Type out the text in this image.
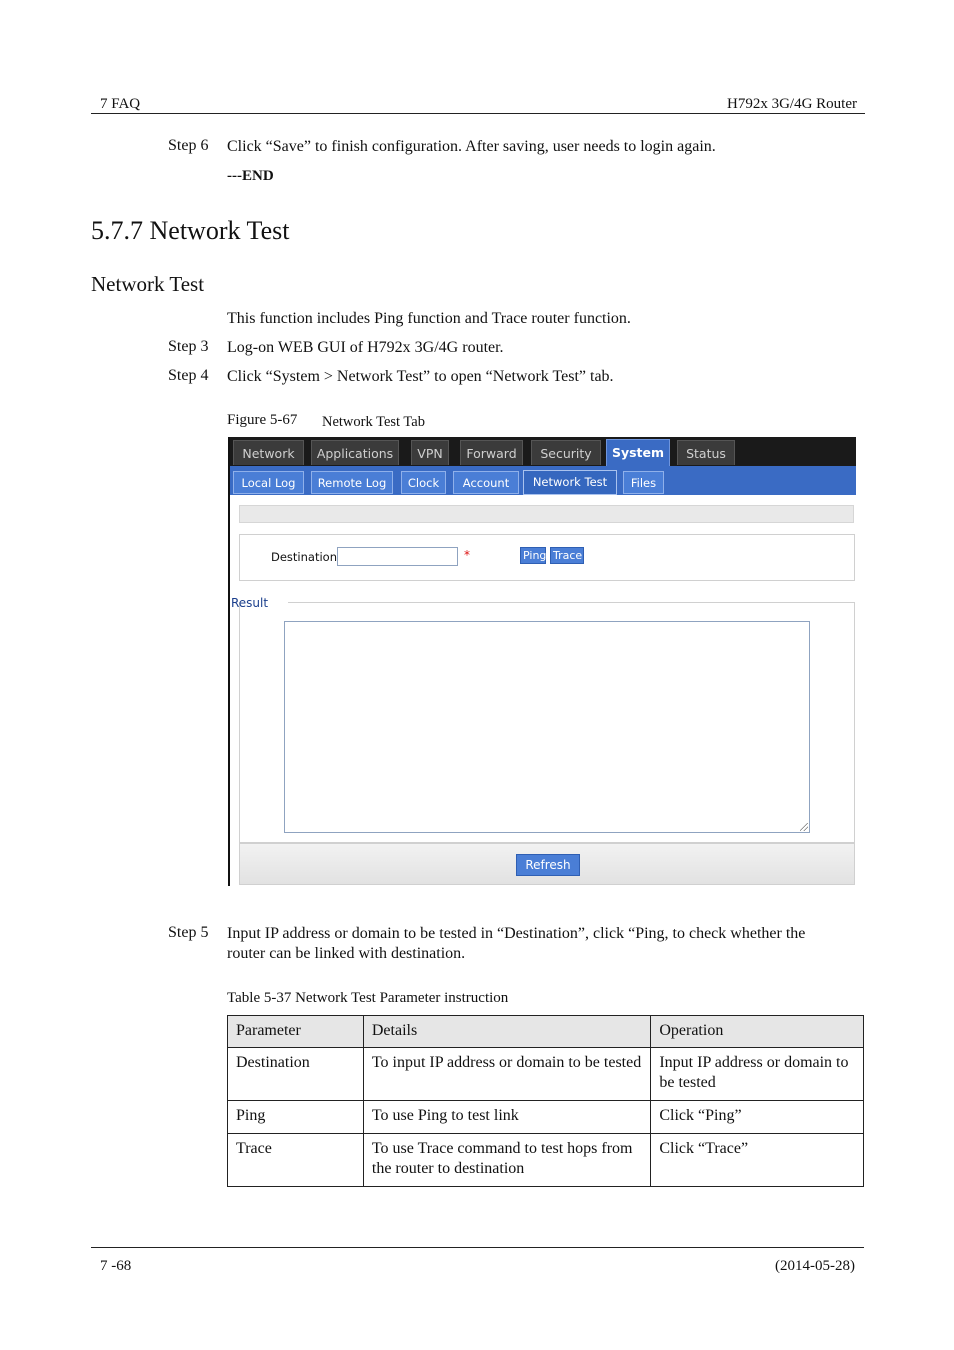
7 FAQ	H792x 3G/4G Router
Step 6 Click “Save” to finish configuration. After saving, user needs to login again.
---END
5.7.7 Network Test
Network Test
This function includes Ping function and Trace router function.
Step 3 Log-on WEB GUI of H792x 3G/4G router.
Step 4 Click “System > Network Test” to open “Network Test” tab.
Figure 5-67 Network Test Tab
Network	Applications	VPN	Forward	Security	System	Status
Local Log	Remote Log	Clock	Account	Network Test	Files
Destination	*	Ping Trace
Result
Refresh
Step 5 Input IP address or domain to be tested in “Destination”, click “Ping, to check whether the
router can be linked with destination.
Table 5-37 Network Test Parameter instruction
Parameter	Details	Operation
Destination	To input IP address or domain to be tested	Input IP address or domain to be tested
Ping	To use Ping to test link	Click “Ping”
Trace	To use Trace command to test hops from the router to destination	Click “Trace”
7 -68	(2014-05-28)
